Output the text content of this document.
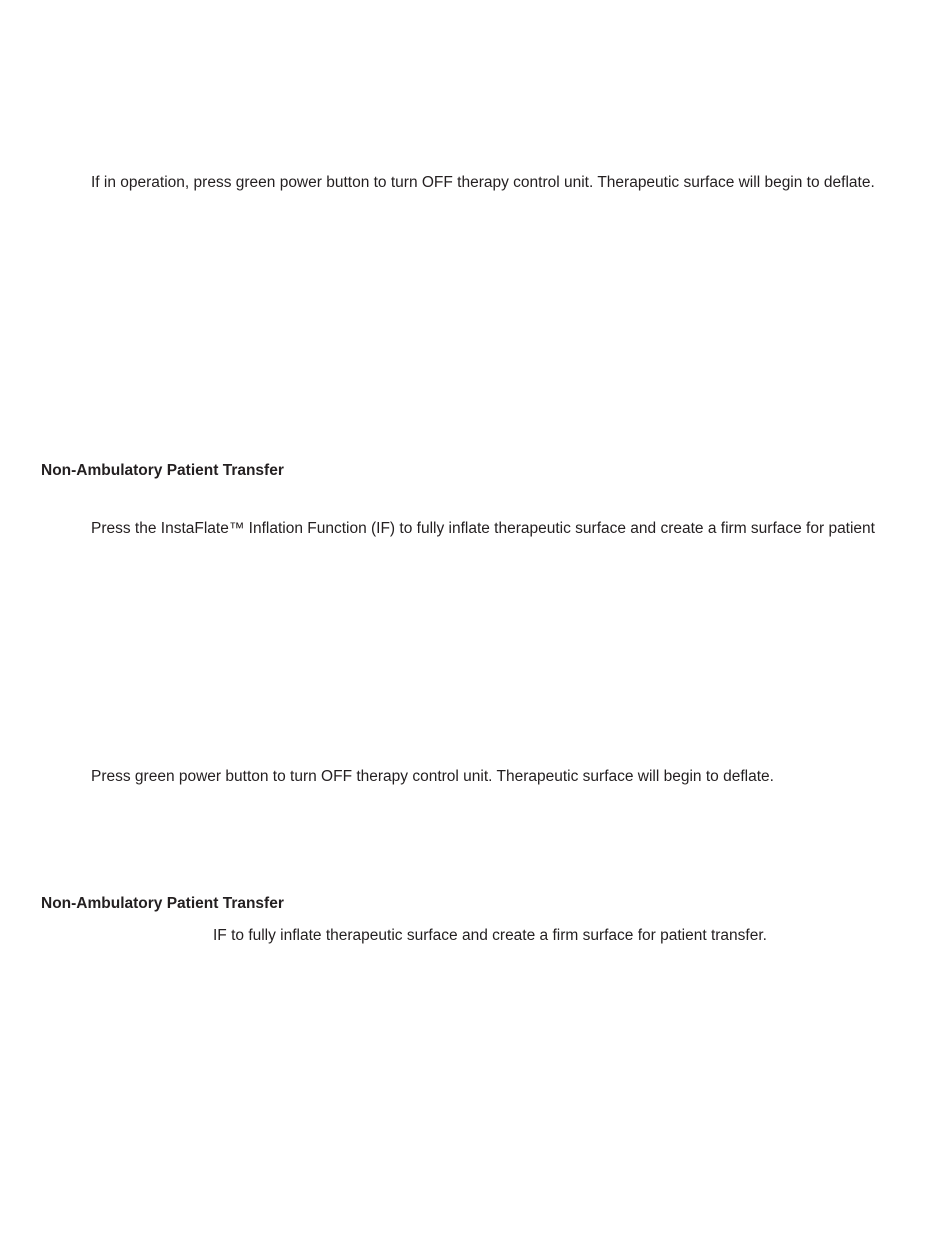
If in operation, press green power button to turn OFF therapy control unit. Therapeutic surface will begin to deflate.

Non-Ambulatory Patient Transfer

Press the InstaFlate™ Inflation Function (IF) to fully inflate therapeutic surface and create a firm surface for patient

Press green power button to turn OFF therapy control unit. Therapeutic surface will begin to deflate.

Non-Ambulatory Patient Transfer

IF to fully inflate therapeutic surface and create a firm surface for patient transfer.
